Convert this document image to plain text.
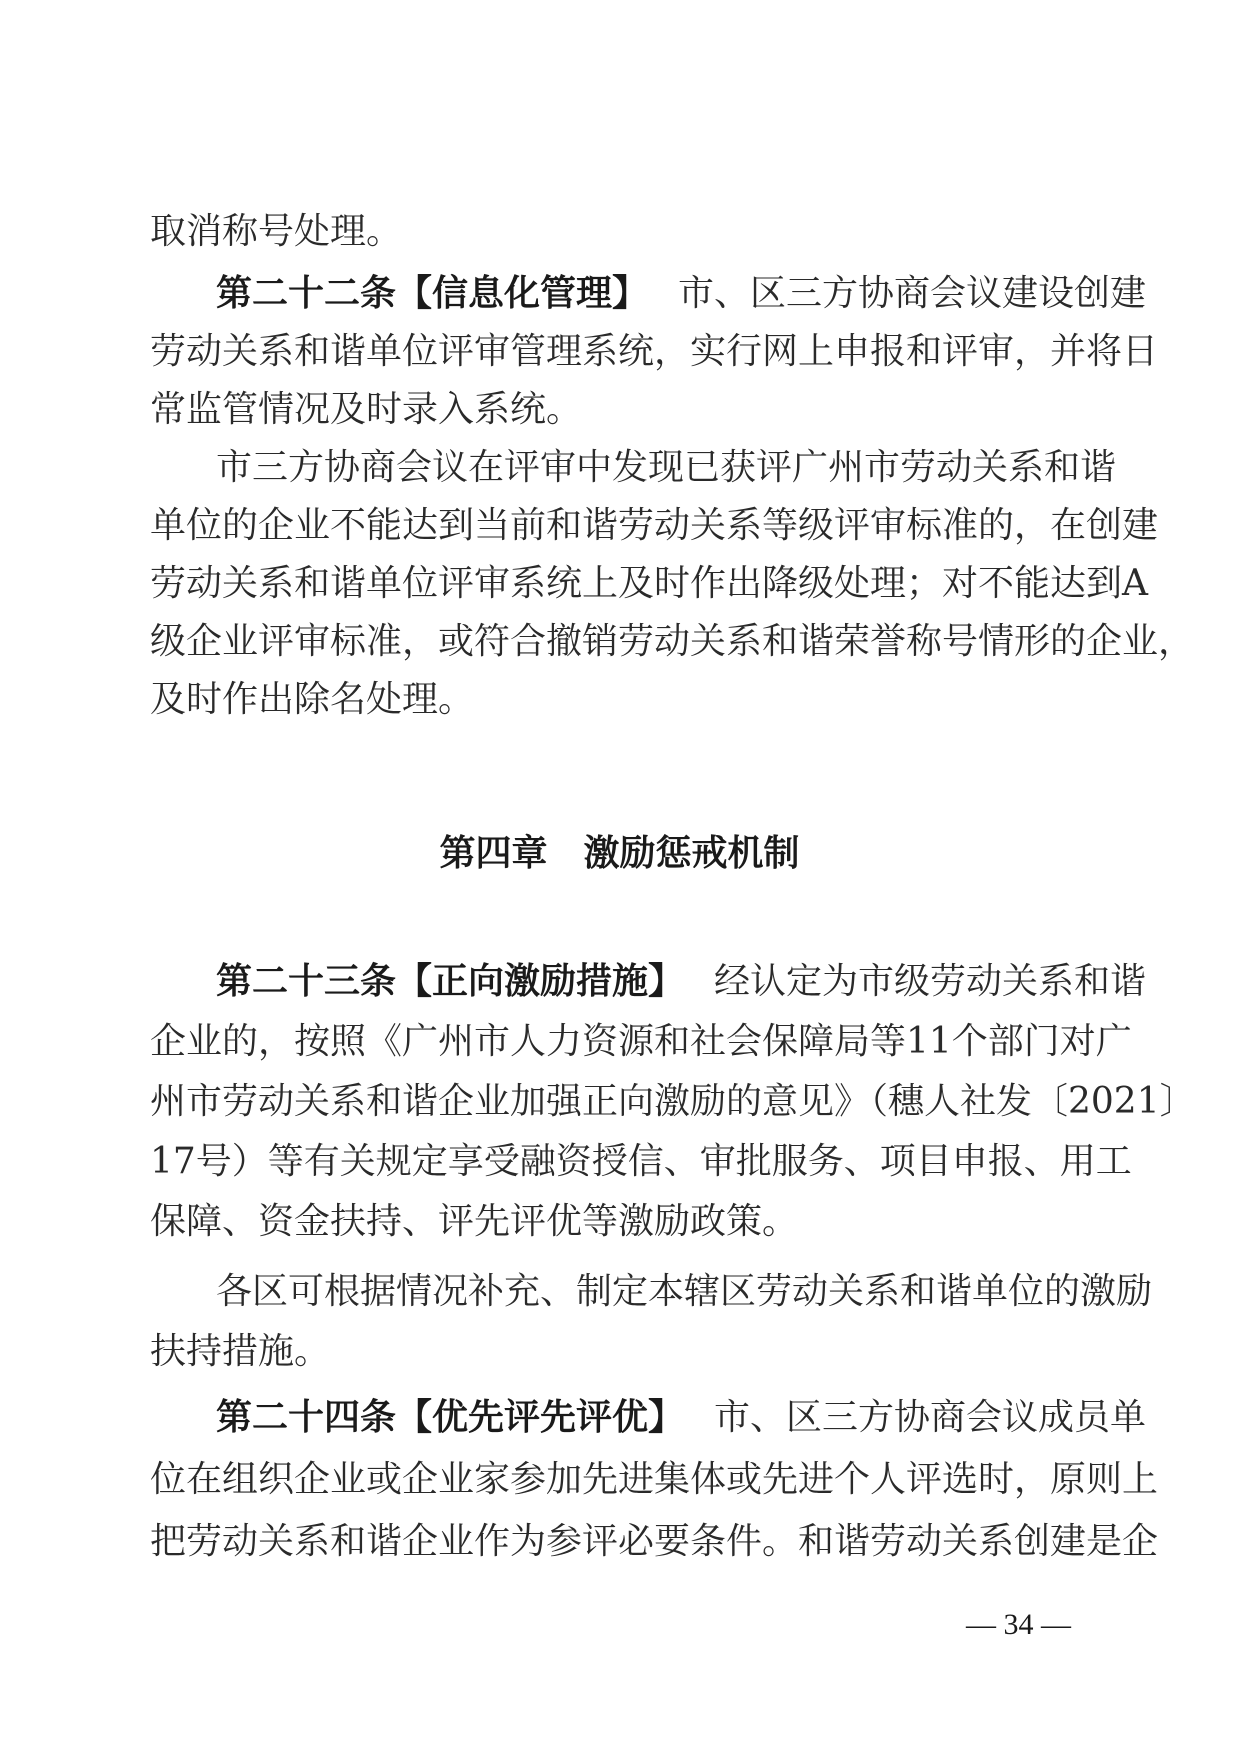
取消称号处理。
第二十二条【信息化管理】 市、区三方协商会议建设创建
劳动关系和谐单位评审管理系统，实行网上申报和评审，并将日
常监管情况及时录入系统。
市三方协商会议在评审中发现已获评广州市劳动关系和谐
单位的企业不能达到当前和谐劳动关系等级评审标准的，在创建
劳动关系和谐单位评审系统上及时作出降级处理；对不能达到A
级企业评审标准，或符合撤销劳动关系和谐荣誉称号情形的企业，
及时作出除名处理。
第四章　激励惩戒机制
第二十三条【正向激励措施】 经认定为市级劳动关系和谐
企业的，按照《广州市人力资源和社会保障局等11个部门对广
州市劳动关系和谐企业加强正向激励的意见》（穗人社发〔2021〕
17号）等有关规定享受融资授信、审批服务、项目申报、用工
保障、资金扶持、评先评优等激励政策。
各区可根据情况补充、制定本辖区劳动关系和谐单位的激励
扶持措施。
第二十四条【优先评先评优】 市、区三方协商会议成员单
位在组织企业或企业家参加先进集体或先进个人评选时，原则上
把劳动关系和谐企业作为参评必要条件。和谐劳动关系创建是企
— 34 —
